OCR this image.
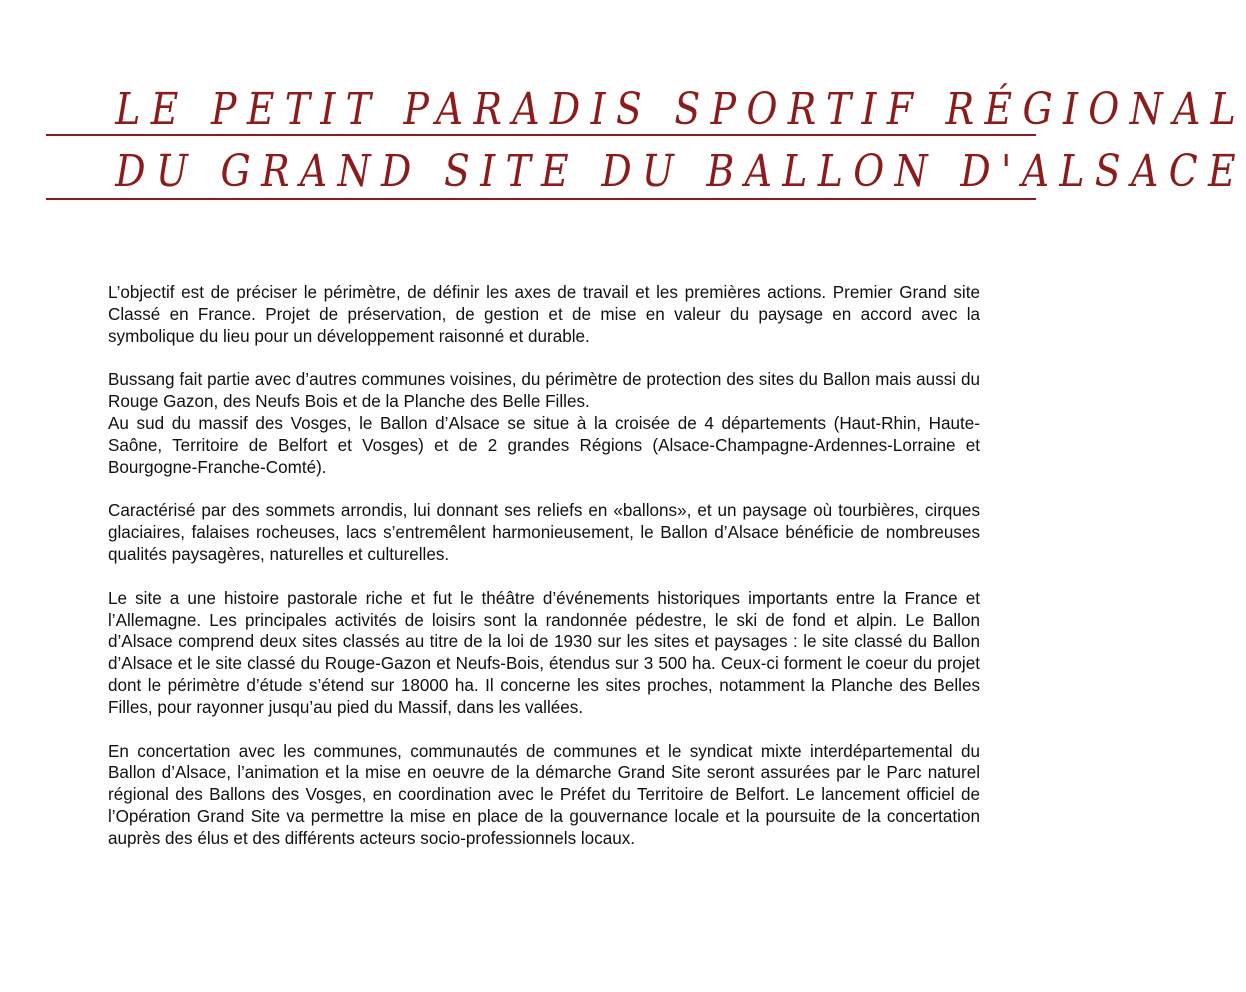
LE PETIT PARADIS SPORTIF RÉGIONAL
DU GRAND SITE DU BALLON D'ALSACE

L’objectif est de préciser le périmètre, de définir les axes de travail et les premières actions. Premier Grand site Classé en France. Projet de préservation, de gestion et de mise en valeur du paysage en accord avec la symbolique du lieu pour un développement raisonné et durable.

Bussang fait partie avec d’autres communes voisines, du périmètre de protection des sites du Ballon mais aussi du Rouge Gazon, des Neufs Bois et de la Planche des Belle Filles.
Au sud du massif des Vosges, le Ballon d’Alsace se situe à la croisée de 4 départements (Haut-Rhin, Haute-Saône, Territoire de Belfort et Vosges) et de 2 grandes Régions (Alsace-Champagne-Ardennes-Lorraine et Bourgogne-Franche-Comté).

Caractérisé par des sommets arrondis, lui donnant ses reliefs en «ballons», et un paysage où tourbières, cirques glaciaires, falaises rocheuses, lacs s’entremêlent harmonieusement, le Ballon d’Alsace bénéficie de nombreuses qualités paysagères, naturelles et culturelles.

Le site a une histoire pastorale riche et fut le théâtre d’événements historiques importants entre la France et l’Allemagne. Les principales activités de loisirs sont la randonnée pédestre, le ski de fond et alpin. Le Ballon d’Alsace comprend deux sites classés au titre de la loi de 1930 sur les sites et paysages : le site classé du Ballon d’Alsace et le site classé du Rouge-Gazon et Neufs-Bois, étendus sur 3 500 ha. Ceux-ci forment le coeur du projet dont le périmètre d’étude s’étend sur 18000 ha. Il concerne les sites proches, notamment la Planche des Belles Filles, pour rayonner jusqu’au pied du Massif, dans les vallées.

En concertation avec les communes, communautés de communes et le syndicat mixte interdépartemental du Ballon d’Alsace, l’animation et la mise en oeuvre de la démarche Grand Site seront assurées par le Parc naturel régional des Ballons des Vosges, en coordination avec le Préfet du Territoire de Belfort. Le lancement officiel de l’Opération Grand Site va permettre la mise en place de la gouvernance locale et la poursuite de la concertation auprès des élus et des différents acteurs socio-professionnels locaux.
